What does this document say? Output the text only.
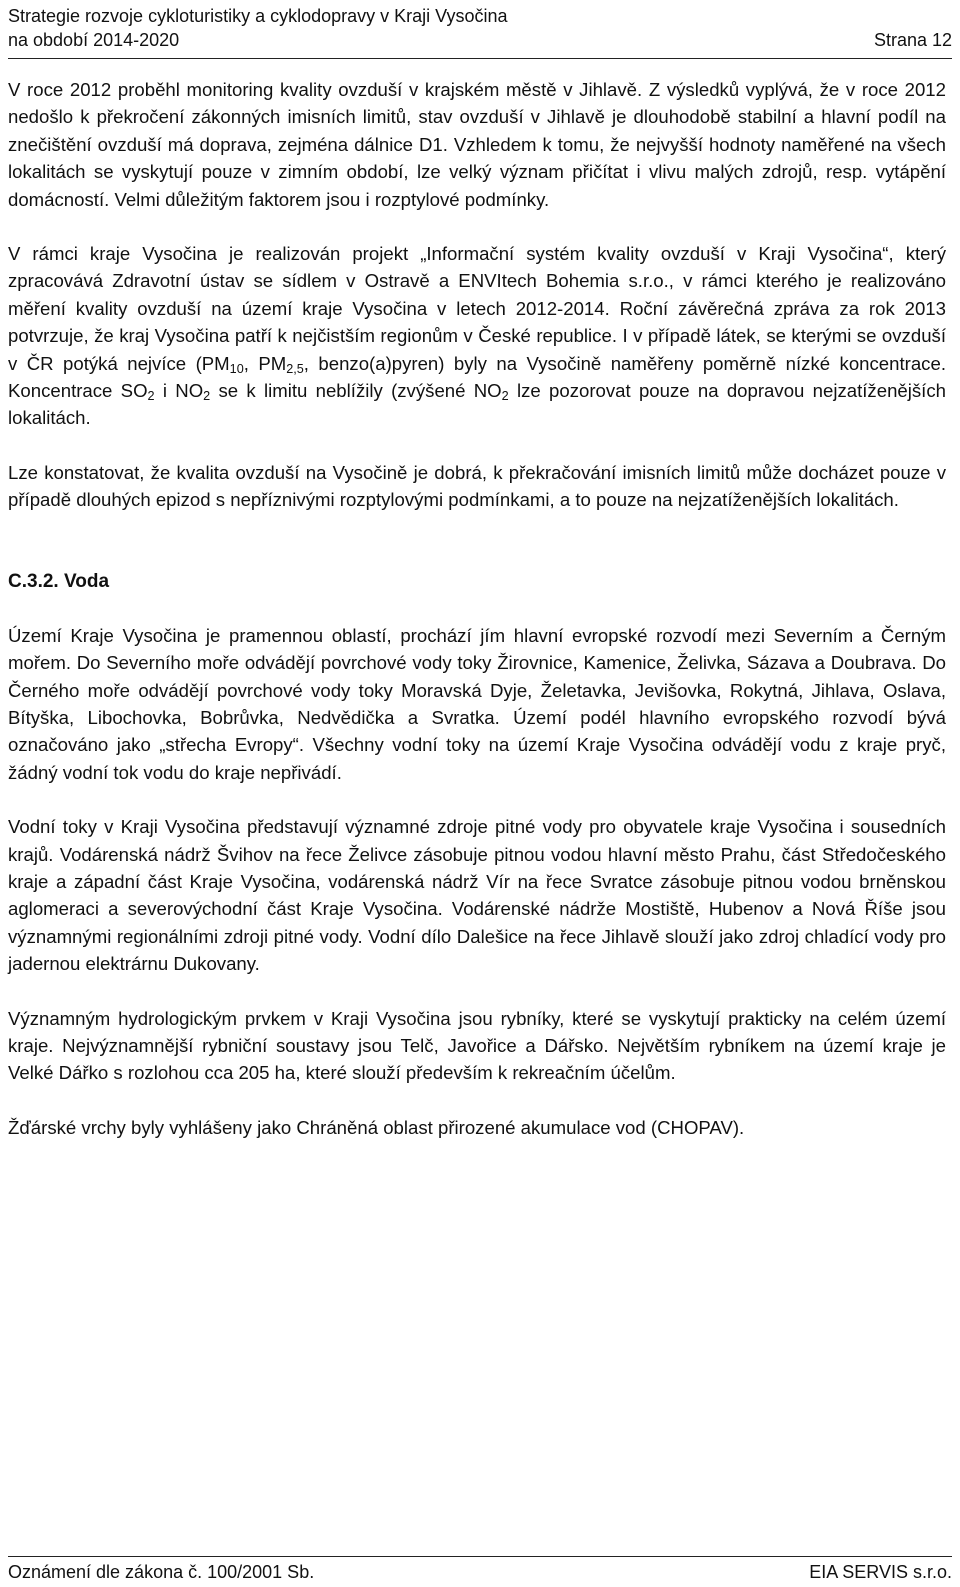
Strategie rozvoje cykloturistiky a cyklodopravy v Kraji Vysočina
na období 2014-2020	Strana 12

V roce 2012 proběhl monitoring kvality ovzduší v krajském městě v Jihlavě. Z výsledků vyplývá, že v roce 2012 nedošlo k překročení zákonných imisních limitů, stav ovzduší v Jihlavě je dlouhodobě stabilní a hlavní podíl na znečištění ovzduší má doprava, zejména dálnice D1. Vzhledem k tomu, že nejvyšší hodnoty naměřené na všech lokalitách se vyskytují pouze v zimním období, lze velký význam přičítat i vlivu malých zdrojů, resp. vytápění domácností. Velmi důležitým faktorem jsou i rozptylové podmínky.

V rámci kraje Vysočina je realizován projekt „Informační systém kvality ovzduší v Kraji Vysočina“, který zpracovává Zdravotní ústav se sídlem v Ostravě a ENVItech Bohemia s.r.o., v rámci kterého je realizováno měření kvality ovzduší na území kraje Vysočina v letech 2012-2014. Roční závěrečná zpráva za rok 2013 potvrzuje, že kraj Vysočina patří k nejčistším regionům v České republice. I v případě látek, se kterými se ovzduší v ČR potýká nejvíce ($PM_{10}$, $PM_{2,5}$, benzo(a)pyren) byly na Vysočině naměřeny poměrně nízké koncentrace. Koncentrace $SO_2$ i $NO_2$ se k limitu neblížily (zvýšené $NO_2$ lze pozorovat pouze na dopravou nejzatíženějších lokalitách.

Lze konstatovat, že kvalita ovzduší na Vysočině je dobrá, k překračování imisních limitů může docházet pouze v případě dlouhých epizod s nepříznivými rozptylovými podmínkami, a to pouze na nejzatíženějších lokalitách.

C.3.2. Voda

Území Kraje Vysočina je pramennou oblastí, prochází jím hlavní evropské rozvodí mezi Severním a Černým mořem. Do Severního moře odvádějí povrchové vody toky Žirovnice, Kamenice, Želivka, Sázava a Doubrava. Do Černého moře odvádějí povrchové vody toky Moravská Dyje, Želetavka, Jevišovka, Rokytná, Jihlava, Oslava, Bítyška, Libochovka, Bobrůvka, Nedvědička a Svratka. Území podél hlavního evropského rozvodí bývá označováno jako „střecha Evropy“. Všechny vodní toky na území Kraje Vysočina odvádějí vodu z kraje pryč, žádný vodní tok vodu do kraje nepřivádí.

Vodní toky v Kraji Vysočina představují významné zdroje pitné vody pro obyvatele kraje Vysočina i sousedních krajů. Vodárenská nádrž Švihov na řece Želivce zásobuje pitnou vodou hlavní město Prahu, část Středočeského kraje a západní část Kraje Vysočina, vodárenská nádrž Vír na řece Svratce zásobuje pitnou vodou brněnskou aglomeraci a severovýchodní část Kraje Vysočina. Vodárenské nádrže Mostiště, Hubenov a Nová Říše jsou významnými regionálními zdroji pitné vody. Vodní dílo Dalešice na řece Jihlavě slouží jako zdroj chladící vody pro jadernou elektrárnu Dukovany.

Významným hydrologickým prvkem v Kraji Vysočina jsou rybníky, které se vyskytují prakticky na celém území kraje. Nejvýznamnější rybniční soustavy jsou Telč, Javořice a Dářsko. Největším rybníkem na území kraje je Velké Dářko s rozlohou cca 205 ha, které slouží především k rekreačním účelům.

Žďárské vrchy byly vyhlášeny jako Chráněná oblast přirozené akumulace vod (CHOPAV).

Oznámení dle zákona č. 100/2001 Sb.	EIA SERVIS s.r.o.
